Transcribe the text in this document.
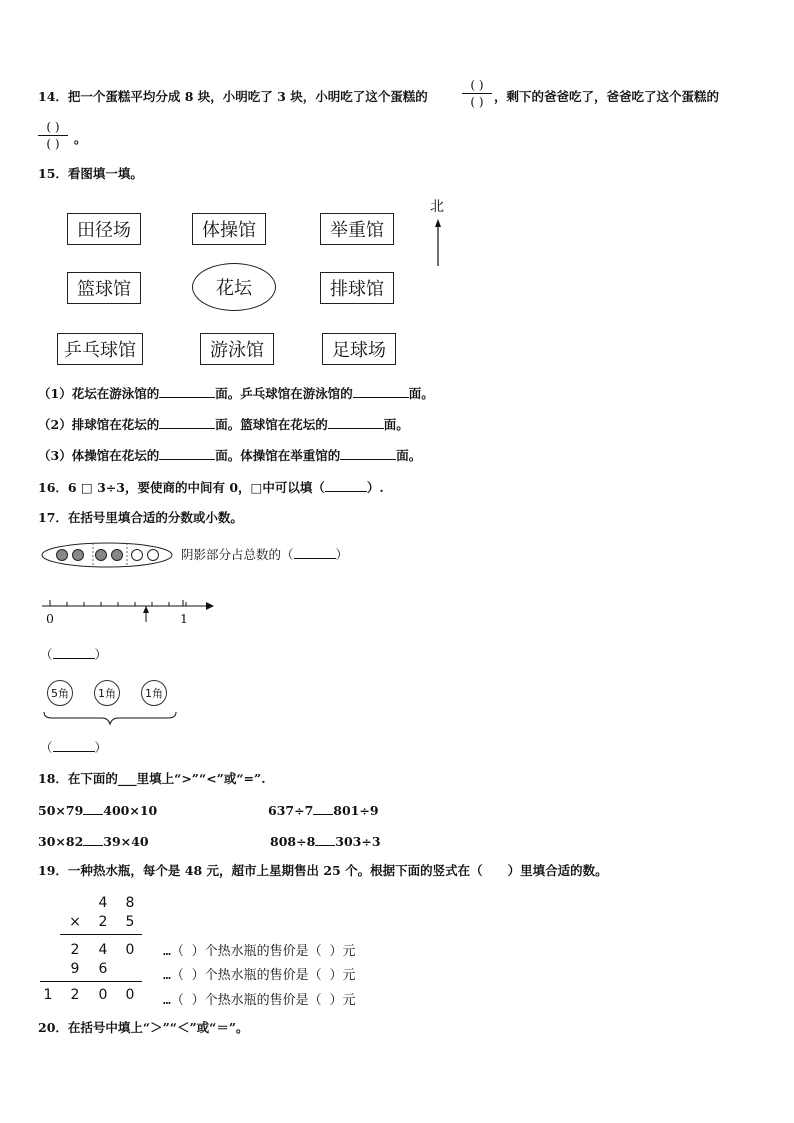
14．把一个蛋糕平均分成 8 块，小明吃了 3 块，小明吃了这个蛋糕的
( )
( ) ，剩下的爸爸吃了，爸爸吃了这个蛋糕的
( )
( ) 。
15．看图填一填。
田径场	体操馆	举重馆
篮球馆	花坛	排球馆
乒乓球馆	游泳馆	足球场
北
（1）花坛在游泳馆的	面。乒乓球馆在游泳馆的	面。
（2）排球馆在花坛的	面。篮球馆在花坛的	面。
（3）体操馆在花坛的	面。体操馆在举重馆的	面。
16．6 □ 3÷3，要使商的中间有 0，□中可以填（	）.
17．在括号里填合适的分数或小数。
阴影部分占总数的（	）
0	1
（	）
5角	1角	1角
（	）
18．在下面的___里填上“>”“<”或“=”.
50×79 400×10	637÷7 801÷9
30×82 39×40	808÷8 303÷3
19．一种热水瓶，每个是 48 元，超市上星期售出 25 个。根据下面的竖式在（　　）里填合适的数。
4 8
× 2 5
2 4 0
9 6
1 2 0 0
…（ ）个热水瓶的售价是（ ）元
…（ ）个热水瓶的售价是（ ）元
…（ ）个热水瓶的售价是（ ）元
20．在括号中填上“＞”“＜”或“＝”。
